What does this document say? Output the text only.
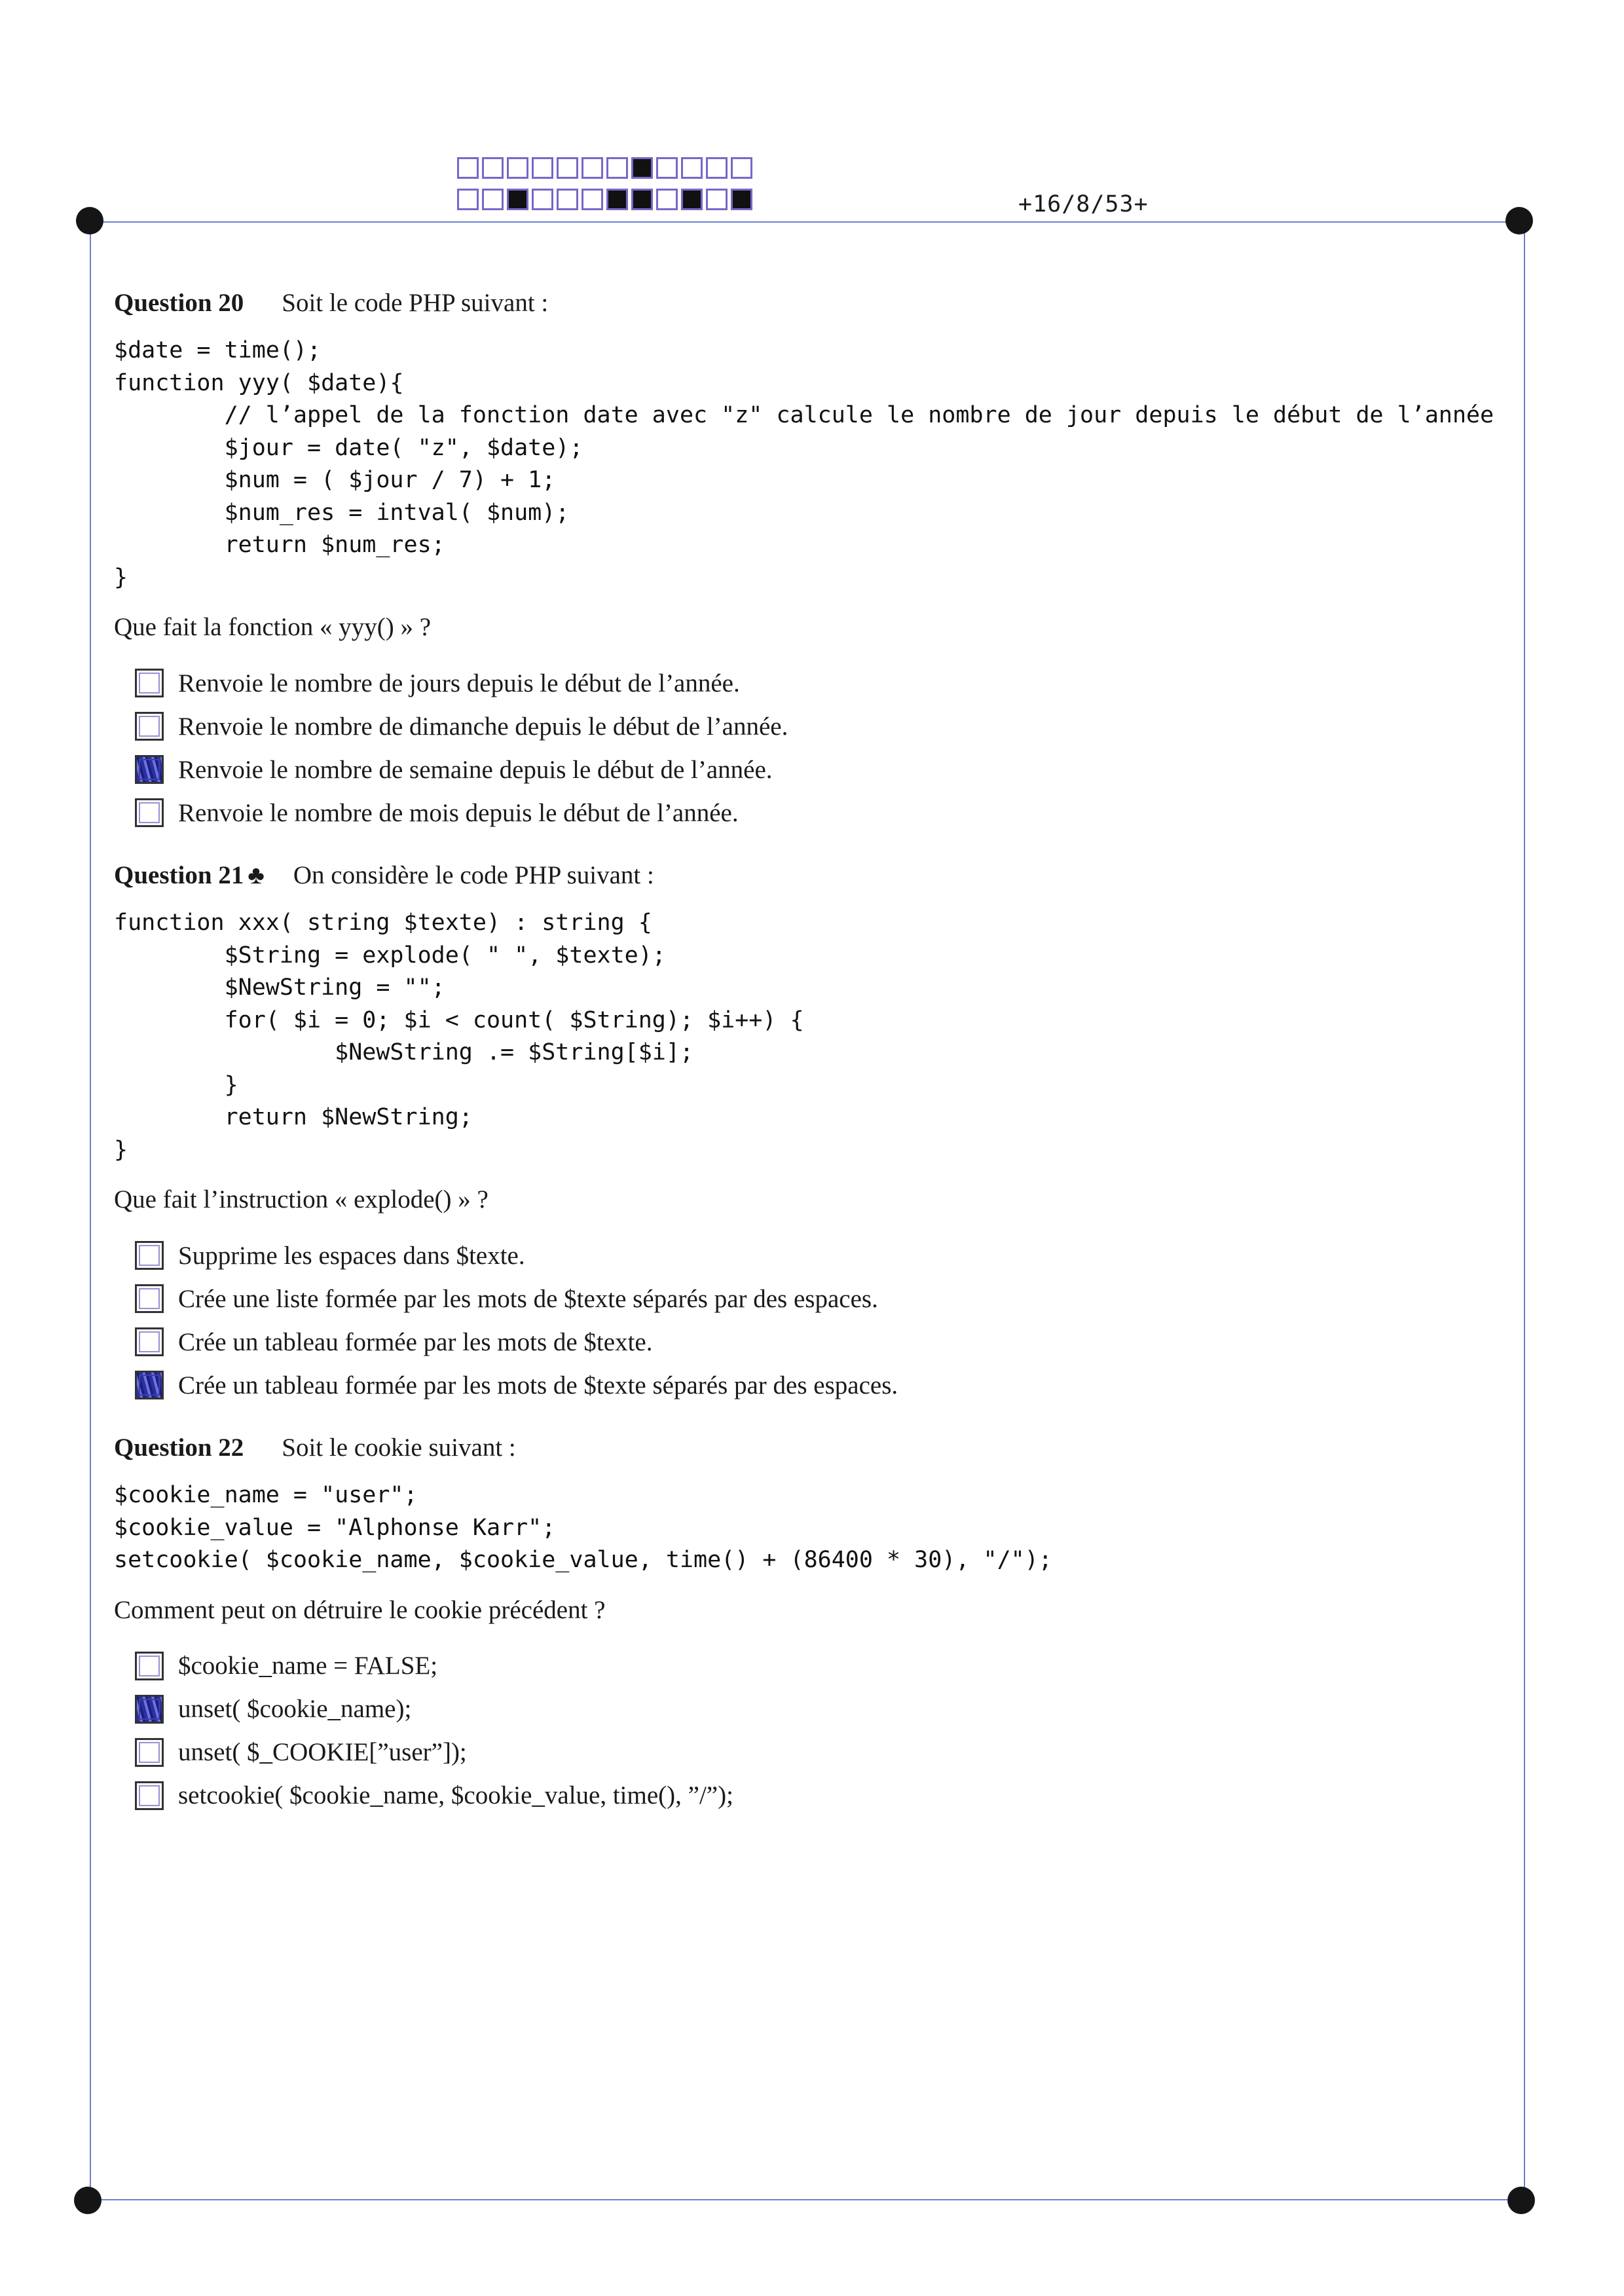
+16/8/53+
Question 20 Soit le code PHP suivant :
$date = time();
function yyy( $date){
// l’appel de la fonction date avec "z" calcule le nombre de jour depuis le début de l’année
$jour = date( "z", $date);
$num = ( $jour / 7) + 1;
$num_res = intval( $num);
return $num_res;
}
Que fait la fonction « yyy() » ?
Renvoie le nombre de jours depuis le début de l’année.
Renvoie le nombre de dimanche depuis le début de l’année.
Renvoie le nombre de semaine depuis le début de l’année.
Renvoie le nombre de mois depuis le début de l’année.
Question 21 ♣ On considère le code PHP suivant :
function xxx( string $texte) : string {
$String = explode( " ", $texte);
$NewString = "";
for( $i = 0; $i < count( $String); $i++) {
$NewString .= $String[$i];
}
return $NewString;
}
Que fait l’instruction « explode() » ?
Supprime les espaces dans $texte.
Crée une liste formée par les mots de $texte séparés par des espaces.
Crée un tableau formée par les mots de $texte.
Crée un tableau formée par les mots de $texte séparés par des espaces.
Question 22 Soit le cookie suivant :
$cookie_name = "user";
$cookie_value = "Alphonse Karr";
setcookie( $cookie_name, $cookie_value, time() + (86400 * 30), "/");
Comment peut on détruire le cookie précédent ?
$cookie_name = FALSE;
unset( $cookie_name);
unset( $_COOKIE[”user”]);
setcookie( $cookie_name, $cookie_value, time(), ”/”);
